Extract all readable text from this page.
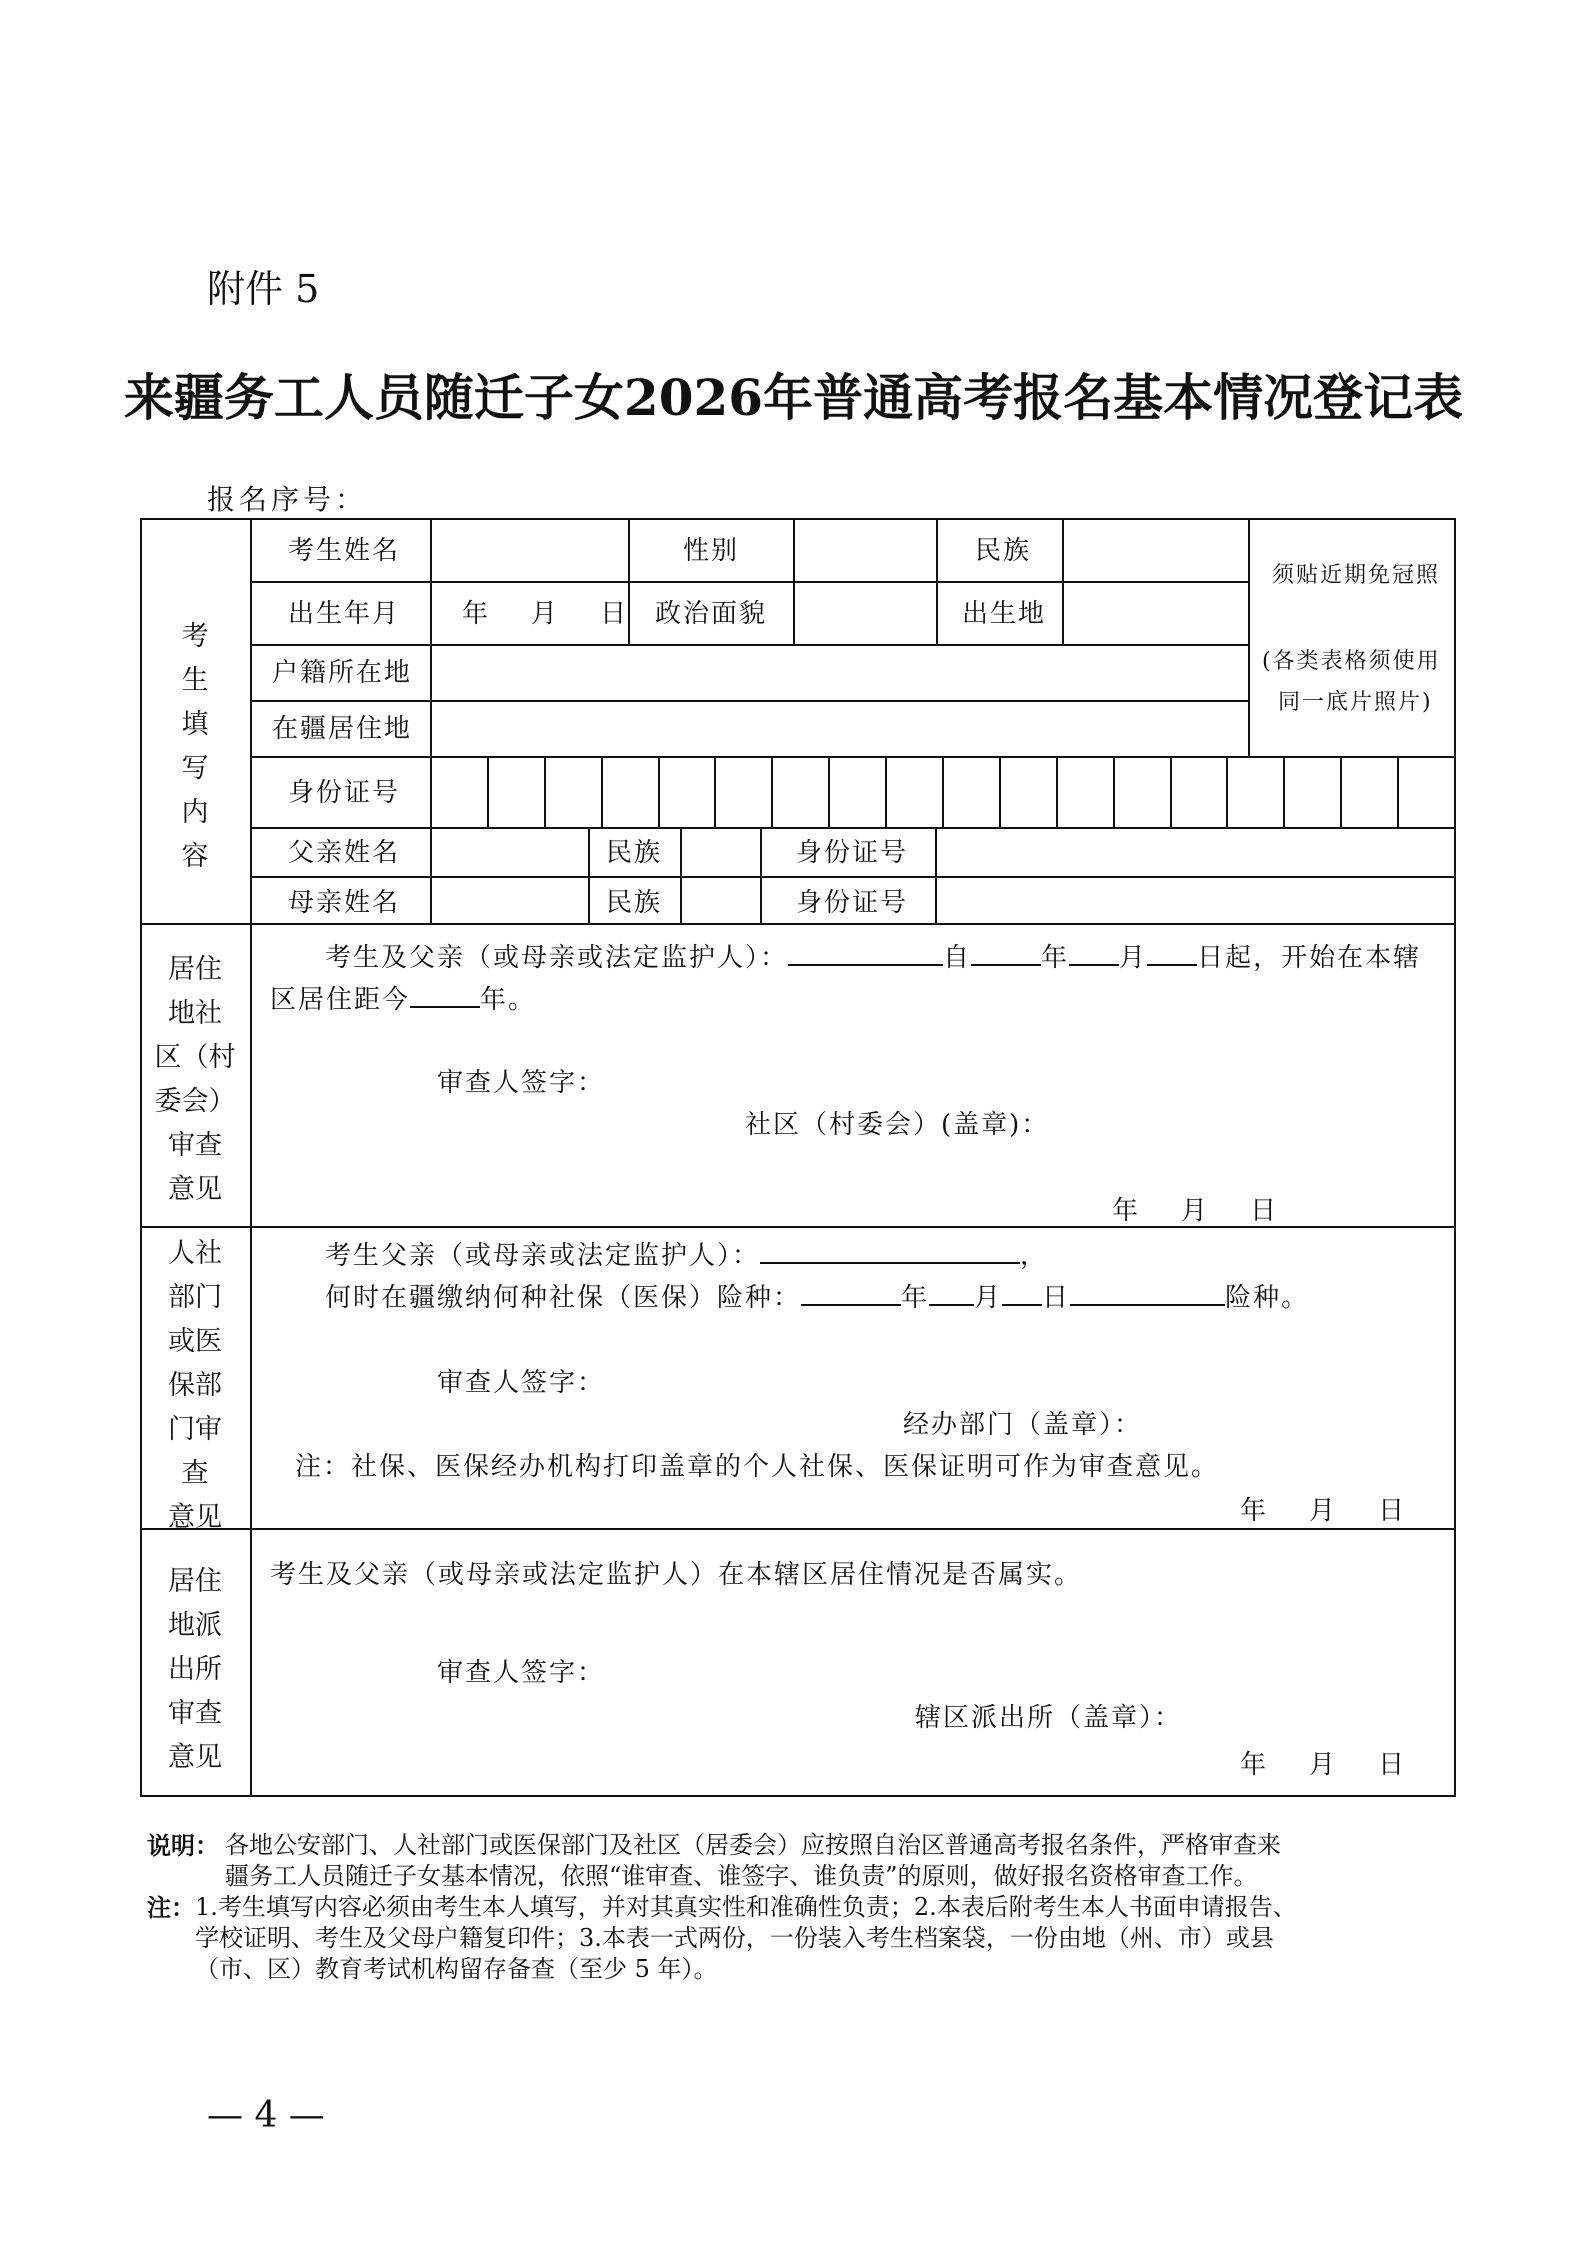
附件 5
来疆务工人员随迁子女2026年普通高考报名基本情况登记表
报名序号：
考
生
填
写
内
容
考生姓名	性别	民族
出生年月 年    月    日 政治面貌	出生地
须贴近期免冠照
(各类表格须使用
同一底片照片)
户籍所在地
在疆居住地
身份证号
父亲姓名	民族	身份证号
母亲姓名	民族	身份证号
居住
地社
区（村
委会）
审查
意见
考生及父亲（或母亲或法定监护人）：	自	年 月 日起，开始在本辖
区居住距今	年。
审查人签字：
社区（村委会）(盖章)：
年    月    日
人社
部门
或医
保部
门审
查
意见
考生父亲（或母亲或法定监护人）：	，
何时在疆缴纳何种社保（医保）险种：	年 月 日	险种。
审查人签字：
经办部门（盖章）：
注：社保、医保经办机构打印盖章的个人社保、医保证明可作为审查意见。
年    月    日
居住
地派
出所
审查
意见
考生及父亲（或母亲或法定监护人）在本辖区居住情况是否属实。
审查人签字：
辖区派出所（盖章）：
年    月    日
说明： 各地公安部门、人社部门或医保部门及社区（居委会）应按照自治区普通高考报名条件，严格审查来
疆务工人员随迁子女基本情况，依照“谁审查、谁签字、谁负责”的原则，做好报名资格审查工作。
注： 1.考生填写内容必须由考生本人填写，并对其真实性和准确性负责；2.本表后附考生本人书面申请报告、
学校证明、考生及父母户籍复印件；3.本表一式两份，一份装入考生档案袋，一份由地（州、市）或县
（市、区）教育考试机构留存备查（至少 5 年）。
— 4 —
